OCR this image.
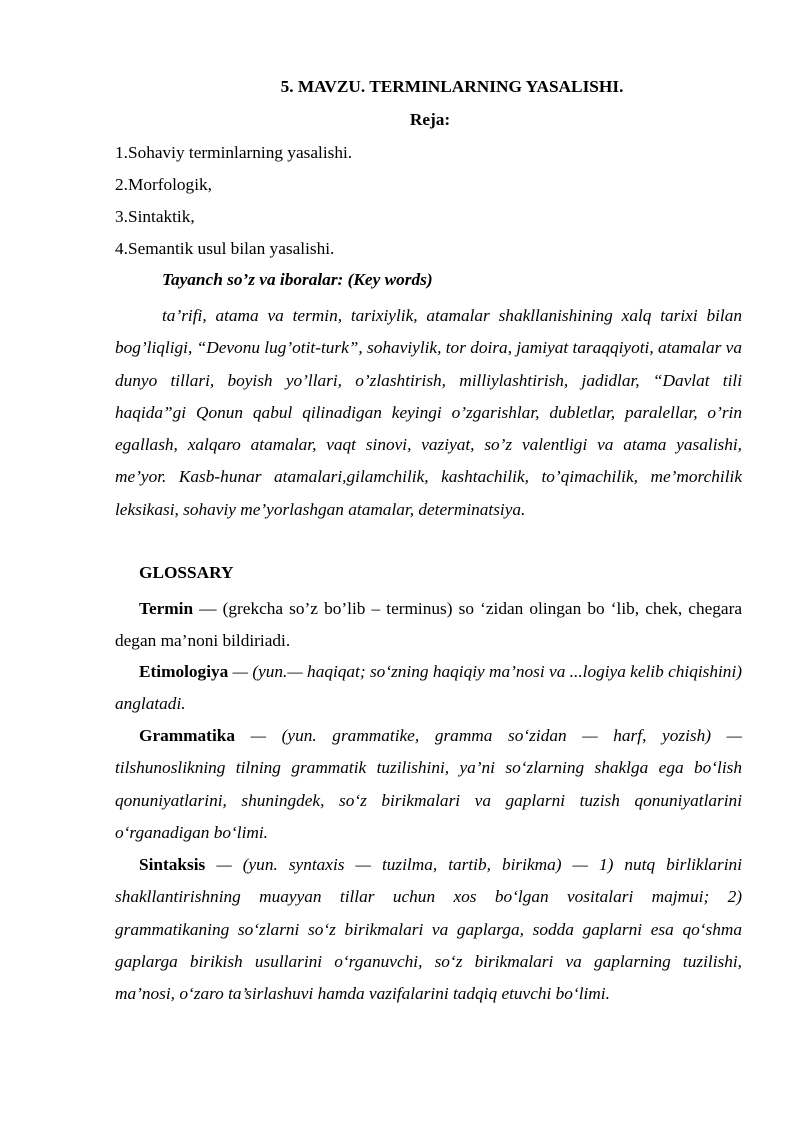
5. MAVZU. TERMINLARNING YASALISHI.
Reja:
1.Sohaviy terminlarning yasalishi.
2.Morfologik,
3.Sintaktik,
4.Semantik usul bilan yasalishi.
Tayanch so’z va iboralar: (Key words)
ta’rifi, atama va termin, tarixiylik, atamalar shakllanishining xalq tarixi bilan bog’liqligi, “Devonu lug’otit-turk”, sohaviylik, tor doira, jamiyat taraqqiyoti, atamalar va dunyo tillari, boyish yo’llari, o’zlashtirish, milliylashtirish, jadidlar, “Davlat tili haqida”gi Qonun qabul qilinadigan keyingi o’zgarishlar, dubletlar, paralellar, o’rin egallash, xalqaro atamalar, vaqt sinovi, vaziyat, so’z valentligi va atama yasalishi, me’yor. Kasb-hunar atamalari,gilamchilik, kashtachilik, to’qimachilik, me’morchilik leksikasi, sohaviy me’yorlashgan atamalar, determinatsiya.
GLOSSARY
Termin — (grekcha so’z bo’lib – terminus) so ‘zidan olingan bo ‘lib, chek, chegara degan ma’noni bildiriadi.
Etimologiya — (yun.— haqiqat; so‘zning haqiqiy ma’nosi va ...logiya kelib chiqishini) anglatadi.
Grammatika — (yun. grammatike, gramma so‘zidan — harf, yozish) — tilshunoslikning tilning grammatik tuzilishini, ya’ni so‘zlarning shaklga ega bo‘lish qonuniyatlarini, shuningdek, so‘z birikmalari va gaplarni tuzish qonuniyatlarini o‘rganadigan bo‘limi.
Sintaksis — (yun. syntaxis — tuzilma, tartib, birikma) — 1) nutq birliklarini shakllantirishning muayyan tillar uchun xos bo‘lgan vositalari majmui; 2) grammatikaning so‘zlarni so‘z birikmalari va gaplarga, sodda gaplarni esa qo‘shma gaplarga birikish usullarini o‘rganuvchi, so‘z birikmalari va gaplarning tuzilishi, ma’nosi, o‘zaro ta’sirlashuvi hamda vazifalarini tadqiq etuvchi bo‘limi.
